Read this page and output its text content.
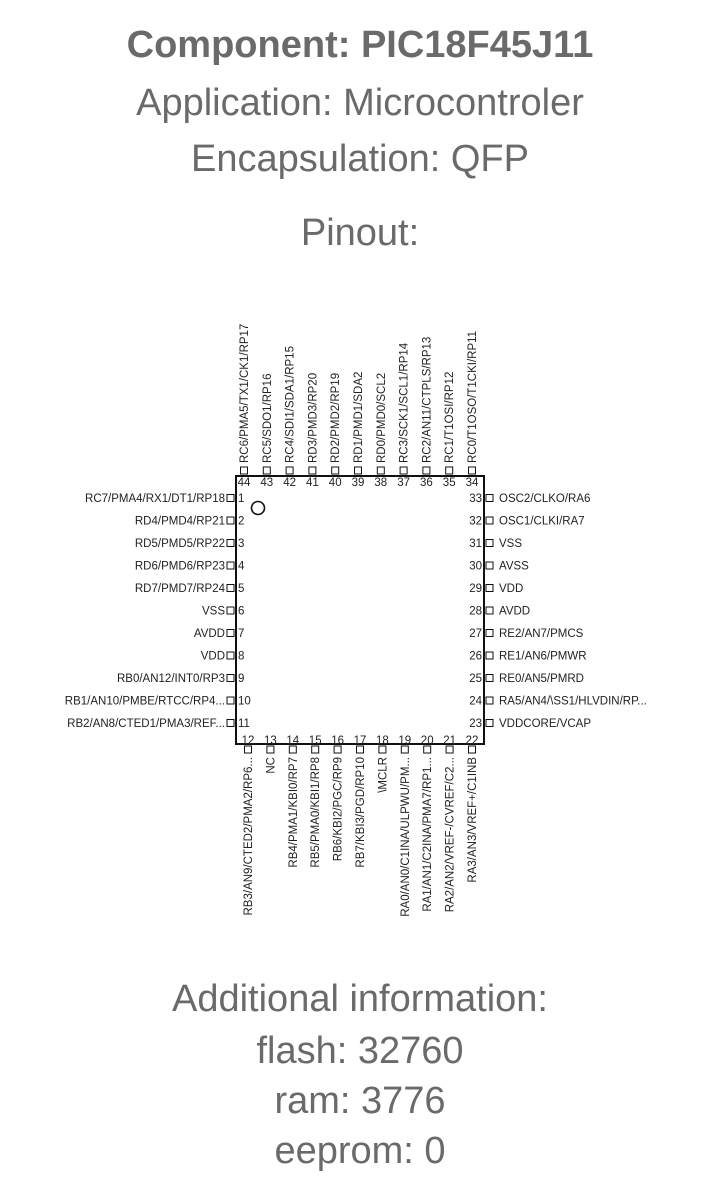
Component: PIC18F45J11
Application: Microcontroler
Encapsulation: QFP
Pinout:
1
RC7/PMA4/RX1/DT1/RP18
2
RD4/PMD4/RP21
3
RD5/PMD5/RP22
4
RD6/PMD6/RP23
5
RD7/PMD7/RP24
6
VSS
7
AVDD
8
VDD
9
RB0/AN12/INT0/RP3
10
RB1/AN10/PMBE/RTCC/RP4...
11
RB2/AN8/CTED1/PMA3/REF...	23 VDDCORE/VCAP
24 RA5/AN4/\SS1/HLVDIN/RP...
25 RE0/AN5/PMRD
26 RE1/AN6/PMWR
27 RE2/AN7/PMCS
28 AVDD
29 VDD
30 AVSS
31 VSS
32 OSC1/CLKI/RA7
33 OSC2/CLKO/RA6
34
RC0/T1OSO/T1CKI/RP11
35
RC1/T1OSI/RP12
36
RC2/AN11/CTPLS/RP13
37
RC3/SCK1/SCL1/RP14
38
RD0/PMD0/SCL2
39
RD1/PMD1/SDA2
40
RD2/PMD2/RP19
41
RD3/PMD3/RP20
42
RC4/SDI1/SDA1/RP15
43
RC5/SDO1/RP16
44
RC6/PMA5/TX1/CK1/RP17
12
RB3/AN9/CTED2/PMA2/RP6...
13
NC
14
RB4/PMA1/KBI0/RP7
15
RB5/PMA0/KBI1/RP8
16
RB6/KBI2/PGC/RP9
17
RB7/KBI3/PGD/RP10
18
\MCLR
19
RA0/AN0/C1INA/ULPWU/PM...
20
RA1/AN1/C2INA/PMA7/RP1...
21
RA2/AN2/VREF-/CVREF/C2...
22
RA3/AN3/VREF+/C1INB
Additional information:
flash: 32760
ram: 3776
eeprom: 0
